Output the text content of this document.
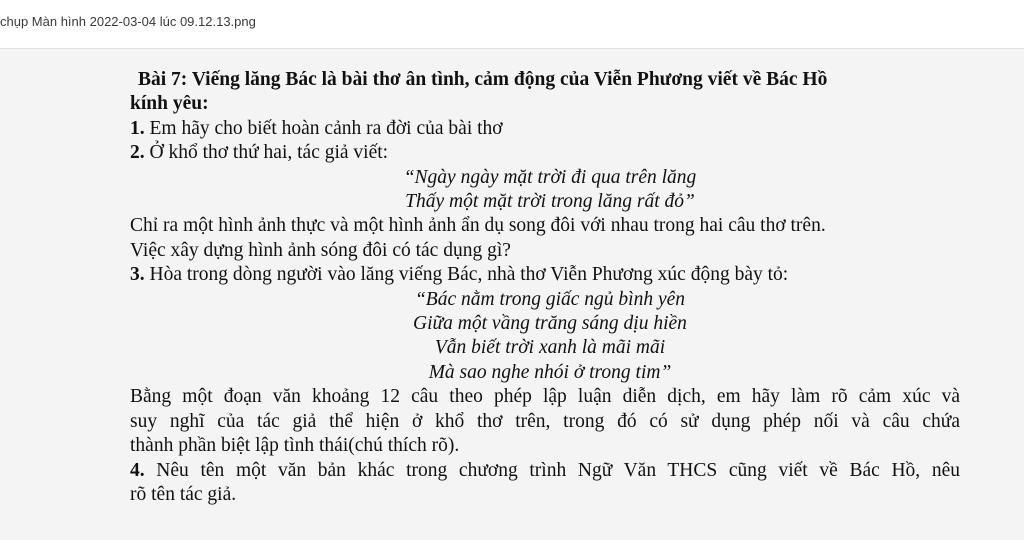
chụp Màn hình 2022-03-04 lúc 09.12.13.png
Bài 7: Viếng lăng Bác là bài thơ ân tình, cảm động của Viễn Phương viết về Bác Hồ
kính yêu:
1. Em hãy cho biết hoàn cảnh ra đời của bài thơ
2. Ở khổ thơ thứ hai, tác giả viết:
“Ngày ngày mặt trời đi qua trên lăng
Thấy một mặt trời trong lăng rất đỏ”
Chỉ ra một hình ảnh thực và một hình ảnh ẩn dụ song đôi với nhau trong hai câu thơ trên.
Việc xây dựng hình ảnh sóng đôi có tác dụng gì?
3. Hòa trong dòng người vào lăng viếng Bác, nhà thơ Viễn Phương xúc động bày tỏ:
“Bác nằm trong giấc ngủ bình yên
Giữa một vầng trăng sáng dịu hiền
Vẫn biết trời xanh là mãi mãi
Mà sao nghe nhói ở trong tim”
Bằng một đoạn văn khoảng 12 câu theo phép lập luận diễn dịch, em hãy làm rõ cảm xúc và
suy nghĩ của tác giả thể hiện ở khổ thơ trên, trong đó có sử dụng phép nối và câu chứa
thành phần biệt lập tình thái(chú thích rõ).
4. Nêu tên một văn bản khác trong chương trình Ngữ Văn THCS cũng viết về Bác Hồ, nêu
rõ tên tác giả.
